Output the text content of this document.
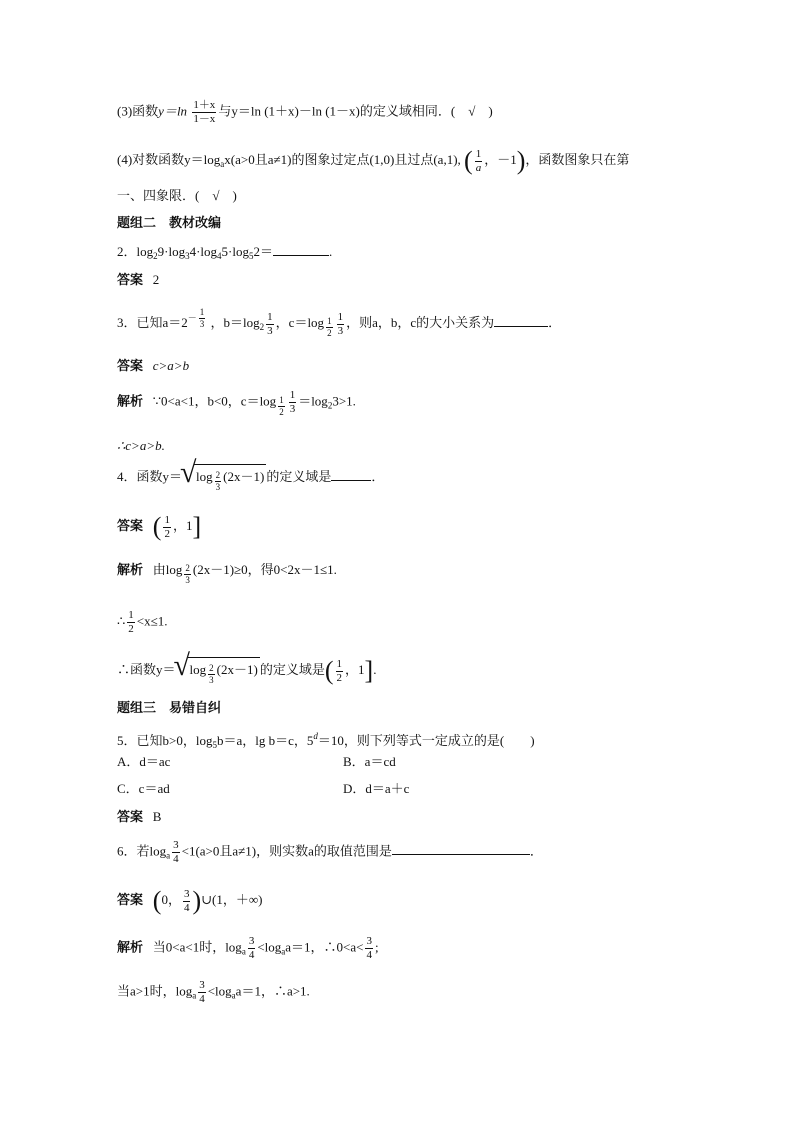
(3)函数$y=\ln \frac{1+x}{1-x}$ 与y＝ln (1＋x)－ln (1－x)的定义域相同．(　√　)
(4)对数函数$y=\log_ax(a>0$且a≠1)的图象过定点(1,0)且过点(a,1), ( $\frac{1}{a}$ ，－1)，函数图象只在第
一、四象限．(　√　)
题组二　教材改编
2．$\log_29\cdot\log_34\cdot\log_45\cdot\log_52=$	.
答案 2
3．已知$a=2^{- \frac{1}{3}}$ ，$b=\log_2 \frac{1}{3}$ ，c＝log $_{\frac{1}{2}} \frac{1}{3}$ ，则a，b，c的大小关系为	．
答案 c>a>b
解析 ∵0<a<1，b<0，c＝log $_{\frac{1}{2}} \frac{1}{3} =\log_23>1$.
∴c>a>b.
4．函数y＝
√ log $_{\frac{2}{3}}$ (2x－1) 的定义域是	．
答案 ( $\frac{1}{2}$ ，1]
解析 由log $_{\frac{2}{3}}$ (2x－1)≥0，得0<2x－1≤1.
∴ $\frac{1}{2} <x\le 1$.
∴函数y＝
√ log $_{\frac{2}{3}}$ (2x－1) 的定义域是( $\frac{1}{2}$ ，1].
题组三　易错自纠
5．已知b>0，$\log_5b=a$，lg b＝c，$5^d=10$，则下列等式一定成立的是(　　)
A．d＝ac	B．a＝cd
C．c＝ad	D．d＝a＋c
答案 B
6．若$\log_a \frac{3}{4} <1(a>0$且a≠1)，则实数a的取值范围是	．
答案 (0， $\frac{3}{4}$ )∪(1，＋∞)
解析 当0<a<1时，$\log_a \frac{3}{4} <\log_aa=1$，∴0<a< $\frac{3}{4}$ ;
当a>1时，$\log_a \frac{3}{4} <\log_aa=1$，∴a>1.
